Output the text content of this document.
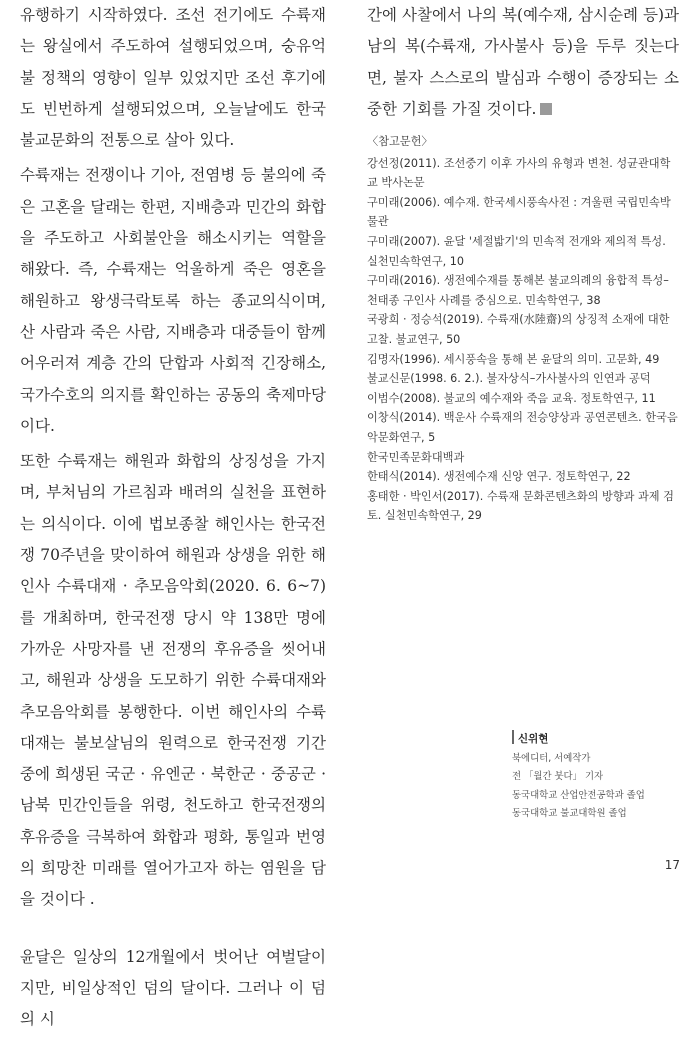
유행하기 시작하였다. 조선 전기에도 수륙재는 왕실에서 주도하여 설행되었으며, 숭유억불 정책의 영향이 일부 있었지만 조선 후기에도 빈번하게 설행되었으며, 오늘날에도 한국불교문화의 전통으로 살아 있다.

수륙재는 전쟁이나 기아, 전염병 등 불의에 죽은 고혼을 달래는 한편, 지배층과 민간의 화합을 주도하고 사회불안을 해소시키는 역할을 해왔다. 즉, 수륙재는 억울하게 죽은 영혼을 해원하고 왕생극락토록 하는 종교의식이며, 산 사람과 죽은 사람, 지배층과 대중들이 함께 어우러져 계층 간의 단합과 사회적 긴장해소, 국가수호의 의지를 확인하는 공동의 축제마당이다.

또한 수륙재는 해원과 화합의 상징성을 가지며, 부처님의 가르침과 배려의 실천을 표현하는 의식이다. 이에 법보종찰 해인사는 한국전쟁 70주년을 맞이하여 해원과 상생을 위한 해인사 수륙대재 · 추모음악회(2020. 6. 6~7)를 개최하며, 한국전쟁 당시 약 138만 명에 가까운 사망자를 낸 전쟁의 후유증을 씻어내고, 해원과 상생을 도모하기 위한 수륙대재와 추모음악회를 봉행한다. 이번 해인사의 수륙대재는 불보살님의 원력으로 한국전쟁 기간 중에 희생된 국군 · 유엔군 · 북한군 · 중공군 · 남북 민간인들을 위령, 천도하고 한국전쟁의 후유증을 극복하여 화합과 평화, 통일과 번영의 희망찬 미래를 열어가고자 하는 염원을 담을 것이다 .

윤달은 일상의 12개월에서 벗어난 여벌달이지만, 비일상적인 덤의 달이다. 그러나 이 덤의 시

간에 사찰에서 나의 복(예수재, 삼시순례 등)과 남의 복(수륙재, 가사불사 등)을 두루 짓는다면, 불자 스스로의 발심과 수행이 증장되는 소중한 기회를 가질 것이다.

〈참고문헌〉
강선정(2011). 조선중기 이후 가사의 유형과 변천. 성균관대학교 박사논문
구미래(2006). 예수재. 한국세시풍속사전 : 겨울편 국립민속박물관
구미래(2007). 윤달 '세절밟기'의 민속적 전개와 제의적 특성. 실천민속학연구, 10
구미래(2016). 생전예수재를 통해본 불교의례의 융합적 특성–천태종 구인사 사례를 중심으로. 민속학연구, 38
국광희 · 정승석(2019). 수륙재(水陸齋)의 상징적 소재에 대한 고찰. 불교연구, 50
김명자(1996). 세시풍속을 통해 본 윤달의 의미. 고문화, 49
불교신문(1998. 6. 2.). 불자상식–가사불사의 인연과 공덕
이범수(2008). 불교의 예수재와 죽음 교육. 정토학연구, 11
이창식(2014). 백운사 수륙재의 전승양상과 공연콘텐츠. 한국음악문화연구, 5
한국민족문화대백과
한태식(2014). 생전예수재 신앙 연구. 정토학연구, 22
홍태한 · 박인서(2017). 수륙재 문화콘텐츠화의 방향과 과제 검토. 실천민속학연구, 29
신위현
북에디터, 서예작가
전 「월간 붓다」 기자
동국대학교 산업안전공학과 졸업
동국대학교 불교대학원 졸업
17
